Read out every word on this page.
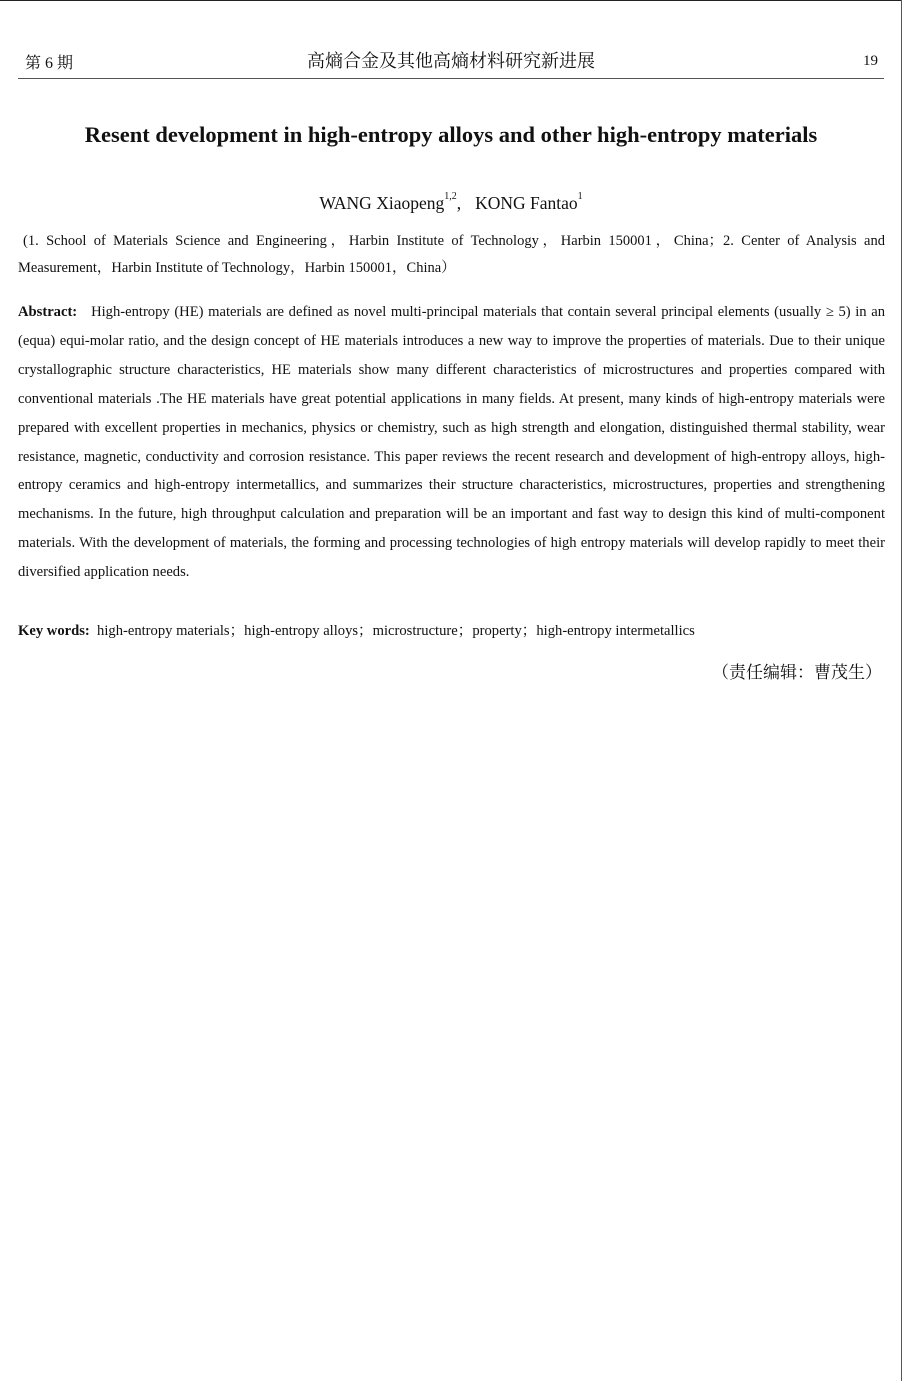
第 6 期	高熵合金及其他高熵材料研究新进展	19
Resent development in high-entropy alloys and other high-entropy materials
WANG Xiaopeng$^{1,2}$, KONG Fantao$^1$
(1. School of Materials Science and Engineering，Harbin Institute of Technology，Harbin 150001，China；2. Center of Analysis and Measurement，Harbin Institute of Technology，Harbin 150001，China）
Abstract: High-entropy (HE) materials are defined as novel multi-principal materials that contain several principal elements (usually ≥ 5) in an (equa) equi-molar ratio, and the design concept of HE materials introduces a new way to improve the properties of materials. Due to their unique crystallographic structure characteristics, HE materials show many different characteristics of microstructures and properties compared with conventional materials .The HE materials have great potential applications in many fields. At present, many kinds of high-entropy materials were prepared with excellent properties in mechanics, physics or chemistry, such as high strength and elongation, distinguished thermal stability, wear resistance, magnetic, conductivity and corrosion resistance. This paper reviews the recent research and development of high-entropy alloys, high-entropy ceramics and high-entropy intermetallics, and summarizes their structure characteristics, microstructures, properties and strengthening mechanisms. In the future, high throughput calculation and preparation will be an important and fast way to design this kind of multi-component materials. With the development of materials, the forming and processing technologies of high entropy materials will develop rapidly to meet their diversified application needs.
Key words: high-entropy materials；high-entropy alloys；microstructure；property；high-entropy intermetallics
（责任编辑：曹茂生）
